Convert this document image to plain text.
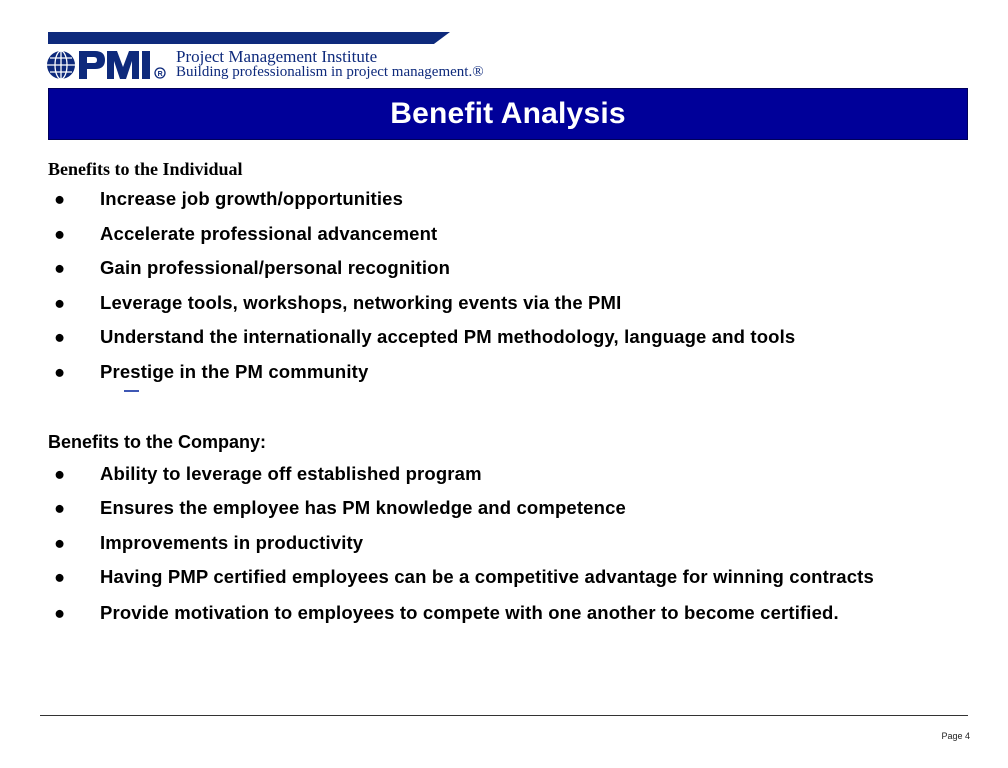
R
Project Management Institute
Building professionalism in project management.®
Benefit Analysis
Benefits to the Individual
● Increase job growth/opportunities
● Accelerate professional advancement
● Gain professional/personal recognition
● Leverage tools, workshops, networking events via the PMI
● Understand the internationally accepted PM methodology, language and tools
● Prestige in the PM community
Benefits to the Company:
● Ability to leverage off established program
● Ensures the employee has PM knowledge and competence
● Improvements in productivity
● Having PMP certified employees can be a competitive advantage for winning contracts
● Provide motivation to employees to compete with one another to become certified.
Page 4
